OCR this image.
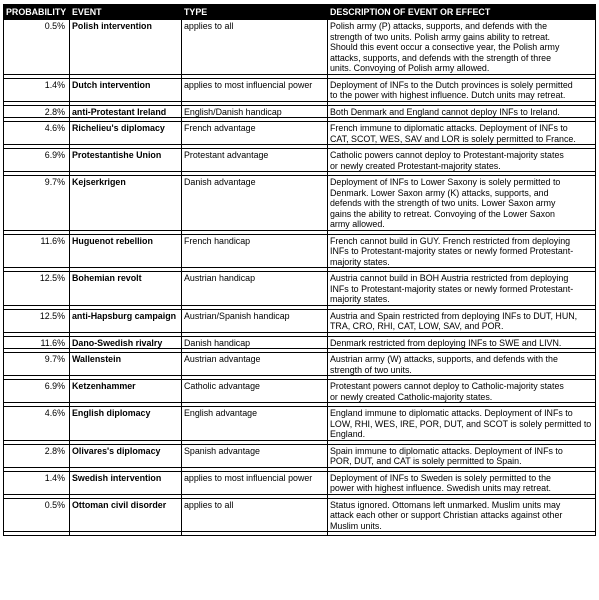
PROBABILITY	EVENT	TYPE	DESCRIPTION OF EVENT OR EFFECT
0.5%	Polish intervention	applies to all	Polish army (P) attacks, supports, and defends with the
strength of two units. Polish army gains ability to retreat.
Should this event occur a consective year, the Polish army
attacks, supports, and defends with the strength of three
units. Convoying of Polish army allowed.

1.4%	Dutch intervention	applies to most influencial power	Deployment of INFs to the Dutch provinces is solely permitted
to the power with highest influence. Dutch units may retreat.

2.8%	anti-Protestant Ireland	English/Danish handicap	Both Denmark and England cannot deploy INFs to Ireland.

4.6%	Richelieu's diplomacy	French advantage	French immune to diplomatic attacks. Deployment of INFs to
CAT, SCOT, WES, SAV and LOR is solely permitted to France.

6.9%	Protestantishe Union	Protestant advantage	Catholic powers cannot deploy to Protestant-majority states
or newly created Protestant-majority states.

9.7%	Kejserkrigen	Danish advantage	Deployment of INFs to Lower Saxony is solely permitted to
Denmark. Lower Saxon army (K) attacks, supports, and
defends with the strength of two units. Lower Saxon army
gains the ability to retreat. Convoying of the Lower Saxon
army allowed.

11.6%	Huguenot rebellion	French handicap	French cannot build in GUY. French restricted from deploying
INFs to Protestant-majority states or newly formed Protestant-
majority states.

12.5%	Bohemian revolt	Austrian handicap	Austria cannot build in BOH Austria restricted from deploying
INFs to Protestant-majority states or newly formed Protestant-
majority states.

12.5%	anti-Hapsburg campaign	Austrian/Spanish handicap	Austria and Spain restricted from deploying INFs to DUT, HUN,
TRA, CRO, RHI, CAT, LOW, SAV, and POR.

11.6%	Dano-Swedish rivalry	Danish handicap	Denmark restricted from deploying INFs to SWE and LIVN.

9.7%	Wallenstein	Austrian advantage	Austrian army (W) attacks, supports, and defends with the
strength of two units.

6.9%	Ketzenhammer	Catholic advantage	Protestant powers cannot deploy to Catholic-majority states
or newly created Catholic-majority states.

4.6%	English diplomacy	English advantage	England immune to diplomatic attacks. Deployment of INFs to
LOW, RHI, WES, IRE, POR, DUT, and SCOT is solely permitted to
England.

2.8%	Olivares's diplomacy	Spanish advantage	Spain immune to diplomatic attacks. Deployment of INFs to
POR, DUT, and CAT is solely permitted to Spain.

1.4%	Swedish intervention	applies to most influencial power	Deployment of INFs to Sweden is solely permitted to the
power with highest influence. Swedish units may retreat.

0.5%	Ottoman civil disorder	applies to all	Status ignored. Ottomans left unmarked. Muslim units may
attack each other or support Christian attacks against other
Muslim units.
